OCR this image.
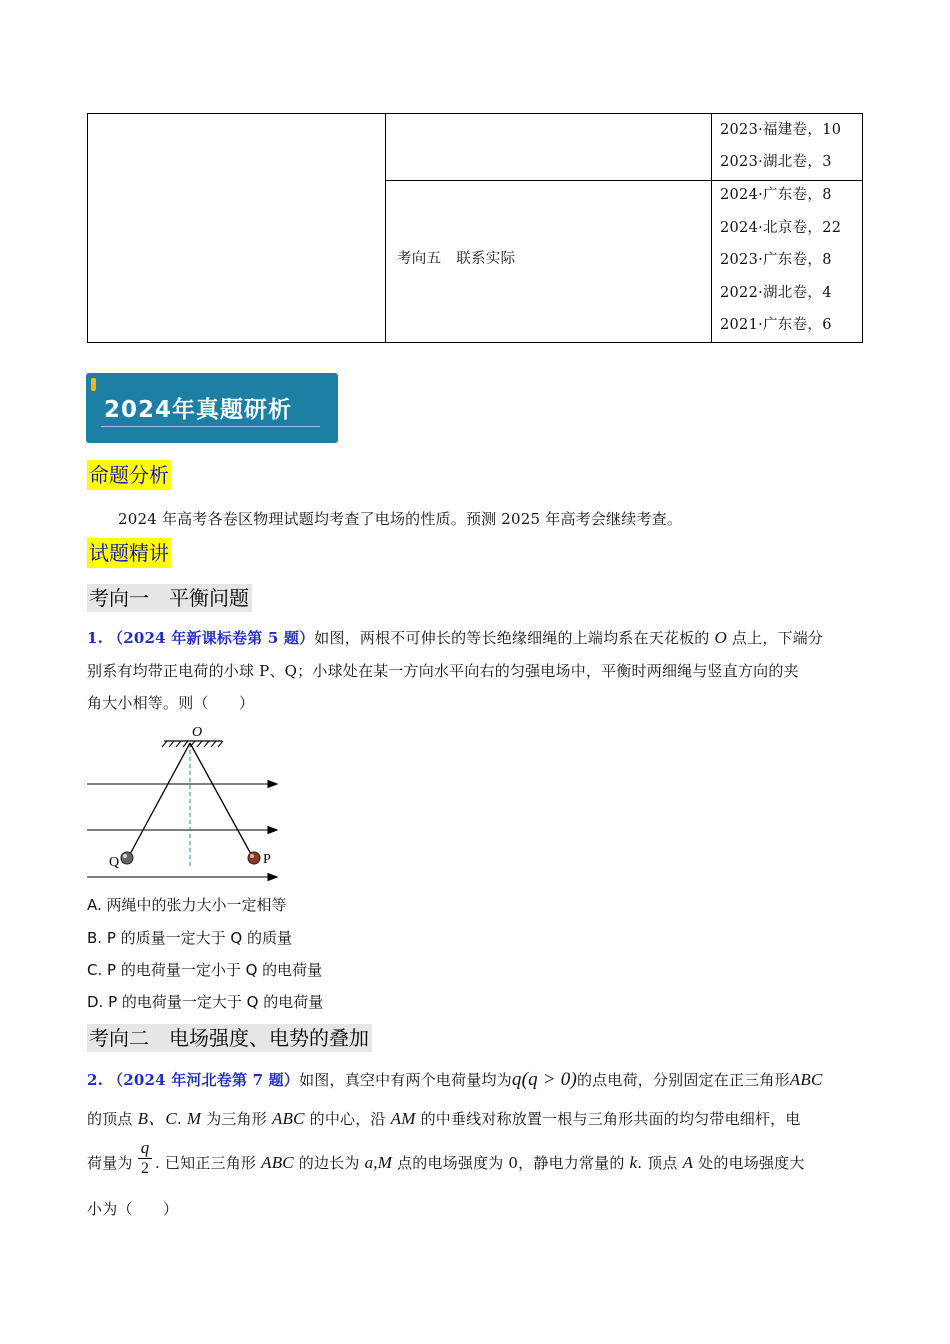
2023·福建卷，10
2023·湖北卷，3
考向五　联系实际
2024·广东卷，8
2024·北京卷，22
2023·广东卷，8
2022·湖北卷，4
2021·广东卷，6
2024年真题研析
命题分析
2024 年高考各卷区物理试题均考查了电场的性质。预测 2025 年高考会继续考查。
试题精讲
考向一　平衡问题
1. （2024 年新课标卷第 5 题）如图，两根不可伸长的等长绝缘细绳的上端均系在天花板的 O 点上，下端分
别系有均带正电荷的小球 P、Q；小球处在某一方向水平向右的匀强电场中，平衡时两细绳与竖直方向的夹
角大小相等。则（　　）
O
Q	P
A. 两绳中的张力大小一定相等
B. P 的质量一定大于 Q 的质量
C. P 的电荷量一定小于 Q 的电荷量
D. P 的电荷量一定大于 Q 的电荷量
考向二　电场强度、电势的叠加
2. （2024 年河北卷第 7 题）如图，真空中有两个电荷量均为q(q > 0)的点电荷，分别固定在正三角形ABC
的顶点 B、C. M 为三角形 ABC 的中心，沿 AM 的中垂线对称放置一根与三角形共面的均匀带电细杆，电
荷量为
q
2 . 已知正三角形 ABC 的边长为 a,M 点的电场强度为 0，静电力常量的 k. 顶点 A 处的电场强度大
小为（　　）
